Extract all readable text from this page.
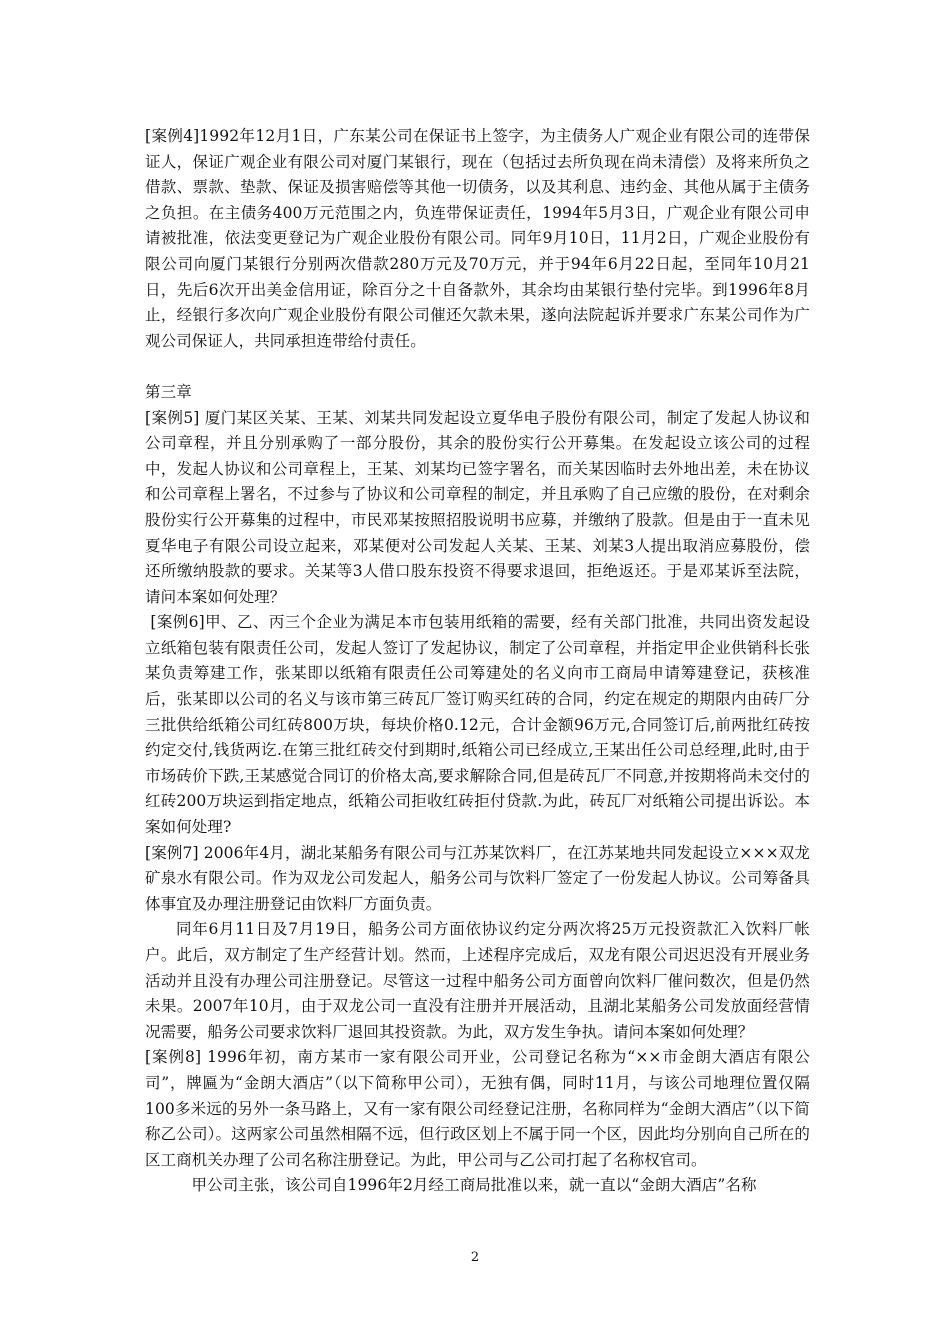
[案例4]1992年12月1日，广东某公司在保证书上签字，为主债务人广观企业有限公司的连带保证人，保证广观企业有限公司对厦门某银行，现在（包括过去所负现在尚未清偿）及将来所负之借款、票款、垫款、保证及损害赔偿等其他一切债务，以及其利息、违约金、其他从属于主债务之负担。在主债务400万元范围之内，负连带保证责任，1994年5月3日，广观企业有限公司申请被批准，依法变更登记为广观企业股份有限公司。同年9月10日，11月2日，广观企业股份有限公司向厦门某银行分别两次借款280万元及70万元，并于94年6月22日起，至同年10月21日，先后6次开出美金信用证，除百分之十自备款外，其余均由某银行垫付完毕。到1996年8月止，经银行多次向广观企业股份有限公司催还欠款未果，遂向法院起诉并要求广东某公司作为广观公司保证人，共同承担连带给付责任。

第三章

[案例5] 厦门某区关某、王某、刘某共同发起设立夏华电子股份有限公司，制定了发起人协议和公司章程，并且分别承购了一部分股份，其余的股份实行公开募集。在发起设立该公司的过程中，发起人协议和公司章程上，王某、刘某均已签字署名，而关某因临时去外地出差，未在协议和公司章程上署名，不过参与了协议和公司章程的制定，并且承购了自己应缴的股份，在对剩余股份实行公开募集的过程中，市民邓某按照招股说明书应募，并缴纳了股款。但是由于一直未见夏华电子有限公司设立起来，邓某便对公司发起人关某、王某、刘某3人提出取消应募股份，偿还所缴纳股款的要求。关某等3人借口股东投资不得要求退回，拒绝返还。于是邓某诉至法院，请问本案如何处理？

[案例6]甲、乙、丙三个企业为满足本市包装用纸箱的需要，经有关部门批准，共同出资发起设立纸箱包装有限责任公司，发起人签订了发起协议，制定了公司章程，并指定甲企业供销科长张某负责筹建工作，张某即以纸箱有限责任公司筹建处的名义向市工商局申请筹建登记，获核准后，张某即以公司的名义与该市第三砖瓦厂签订购买红砖的合同，约定在规定的期限内由砖厂分三批供给纸箱公司红砖800万块，每块价格0.12元，合计金额96万元,合同签订后,前两批红砖按约定交付,钱货两讫.在第三批红砖交付到期时,纸箱公司已经成立,王某出任公司总经理,此时,由于市场砖价下跌,王某感觉合同订的价格太高,要求解除合同,但是砖瓦厂不同意,并按期将尚未交付的红砖200万块运到指定地点，纸箱公司拒收红砖拒付贷款.为此，砖瓦厂对纸箱公司提出诉讼。本案如何处理?

[案例7] 2006年4月，湖北某船务有限公司与江苏某饮料厂，在江苏某地共同发起设立×××双龙矿泉水有限公司。作为双龙公司发起人，船务公司与饮料厂签定了一份发起人协议。公司筹备具体事宜及办理注册登记由饮料厂方面负责。

同年6月11日及7月19日，船务公司方面依协议约定分两次将25万元投资款汇入饮料厂帐户。此后，双方制定了生产经营计划。然而，上述程序完成后，双龙有限公司迟迟没有开展业务活动并且没有办理公司注册登记。尽管这一过程中船务公司方面曾向饮料厂催问数次，但是仍然未果。2007年10月，由于双龙公司一直没有注册并开展活动，且湖北某船务公司发放面经营情况需要，船务公司要求饮料厂退回其投资款。为此，双方发生争执。请问本案如何处理？

[案例8] 1996年初，南方某市一家有限公司开业，公司登记名称为“××市金朗大酒店有限公司”，牌匾为“金朗大酒店”（以下简称甲公司），无独有偶，同时11月，与该公司地理位置仅隔100多米远的另外一条马路上，又有一家有限公司经登记注册，名称同样为“金朗大酒店”（以下简称乙公司）。这两家公司虽然相隔不远，但行政区划上不属于同一个区，因此均分别向自己所在的区工商机关办理了公司名称注册登记。为此，甲公司与乙公司打起了名称权官司。

甲公司主张，该公司自1996年2月经工商局批准以来，就一直以“金朗大酒店”名称

2
